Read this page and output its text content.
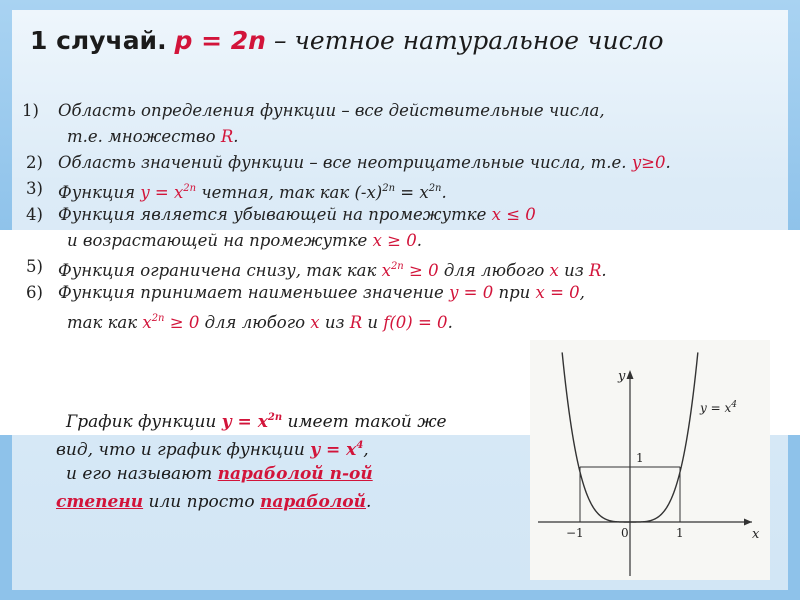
1 случай. p = 2n – четное натуральное число
1) Область определения функции – все действительные числа,
т.е. множество R.
2) Область значений функции – все неотрицательные числа, т.е. y≥0.
3) Функция $y = x^{2n}$ четная, так как $(-x)^{2n} = x^{2n}$.
4) Функция является убывающей на промежутке x ≤ 0
и возрастающей на промежутке x ≥ 0.
5) Функция ограничена снизу, так как $x^{2n} \ge 0$ для любого x из R.
6) Функция принимает наименьшее значение y = 0 при x = 0,
так как $x^{2n} \ge 0$ для любого x из R и f(0) = 0.
График функции $y = x^{2n}$ имеет такой же
вид, что и график функции $y = x^4$,
и его называют параболой n-ой
степени или просто параболой.
y
x
1
−1	1
0
$y = x^4$
